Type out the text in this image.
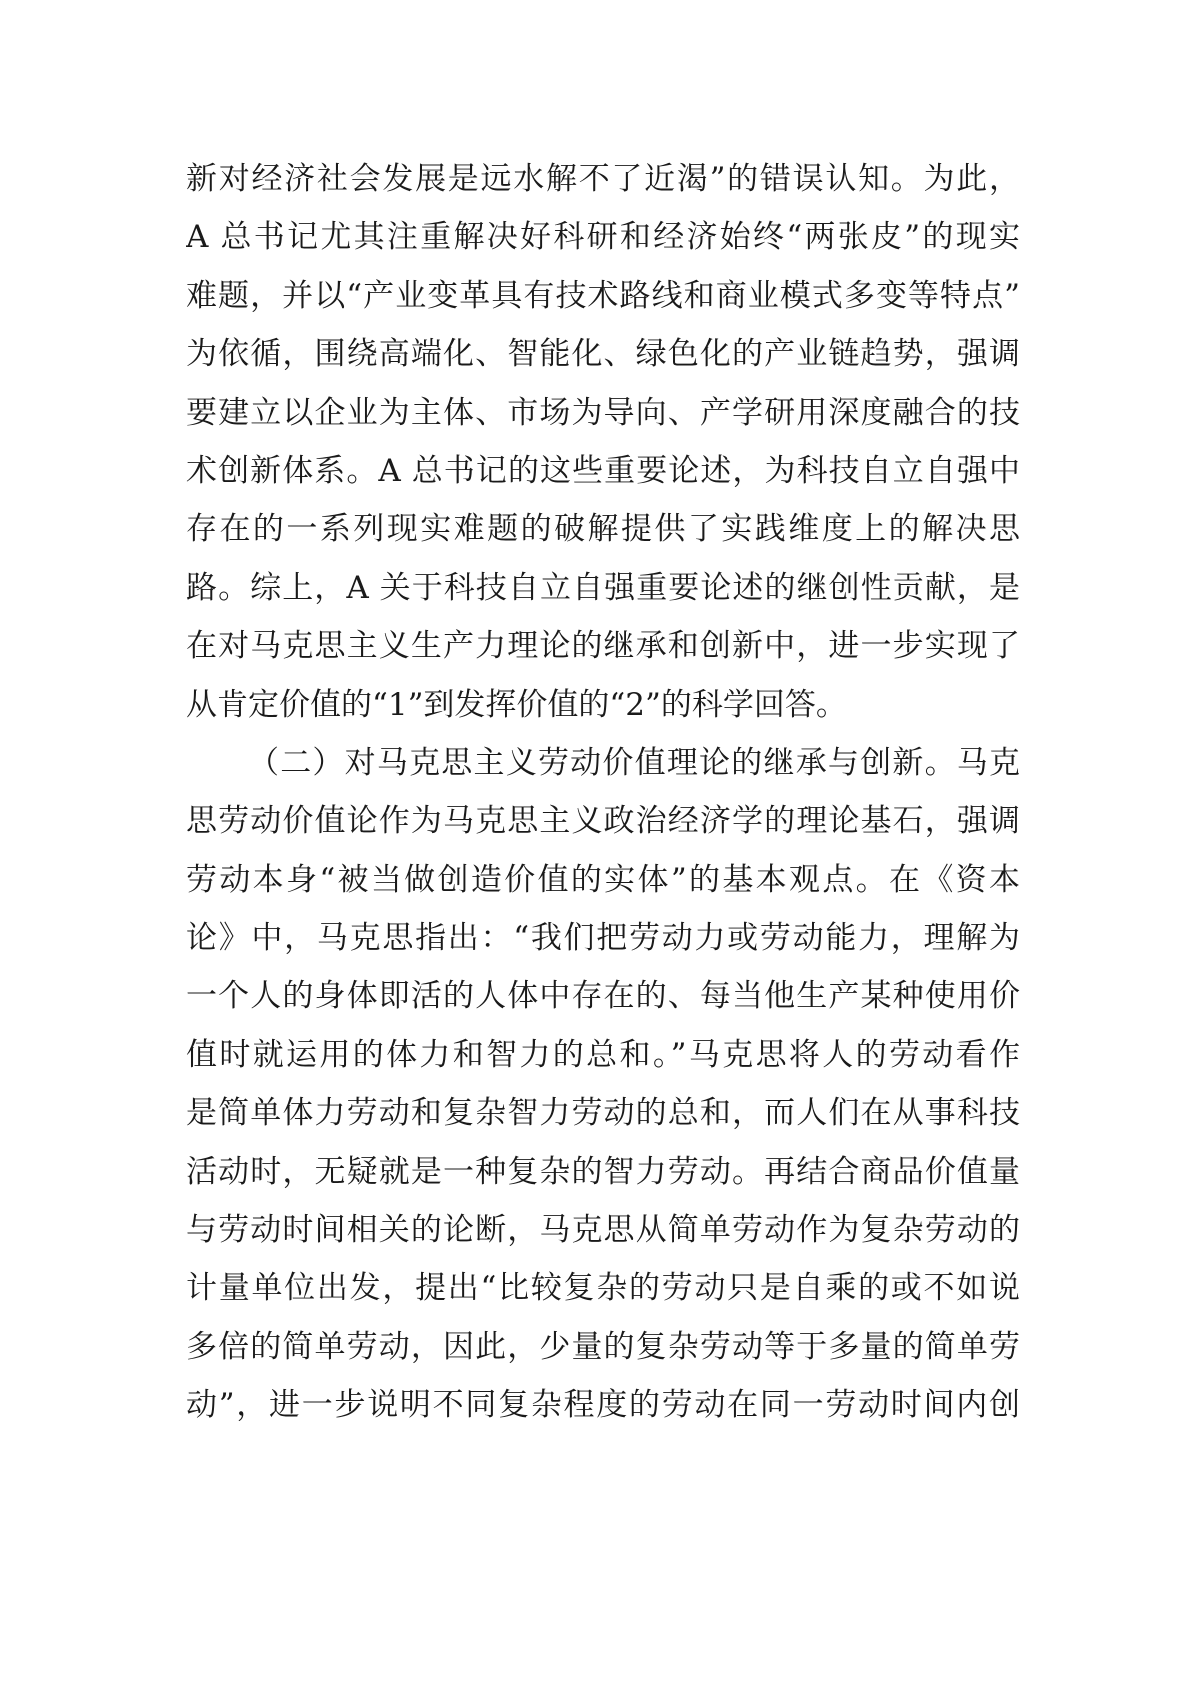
新对经济社会发展是远水解不了近渴”的错误认知。为此，
A 总书记尤其注重解决好科研和经济始终“两张皮”的现实
难题，并以“产业变革具有技术路线和商业模式多变等特点”
为依循，围绕高端化、智能化、绿色化的产业链趋势，强调
要建立以企业为主体、市场为导向、产学研用深度融合的技
术创新体系。A 总书记的这些重要论述，为科技自立自强中
存在的一系列现实难题的破解提供了实践维度上的解决思
路。综上，A 关于科技自立自强重要论述的继创性贡献，是
在对马克思主义生产力理论的继承和创新中，进一步实现了
从肯定价值的“1”到发挥价值的“2”的科学回答。
（二）对马克思主义劳动价值理论的继承与创新。马克
思劳动价值论作为马克思主义政治经济学的理论基石，强调
劳动本身“被当做创造价值的实体”的基本观点。在《资本
论》中，马克思指出：“我们把劳动力或劳动能力，理解为
一个人的身体即活的人体中存在的、每当他生产某种使用价
值时就运用的体力和智力的总和。”马克思将人的劳动看作
是简单体力劳动和复杂智力劳动的总和，而人们在从事科技
活动时，无疑就是一种复杂的智力劳动。再结合商品价值量
与劳动时间相关的论断，马克思从简单劳动作为复杂劳动的
计量单位出发，提出“比较复杂的劳动只是自乘的或不如说
多倍的简单劳动，因此，少量的复杂劳动等于多量的简单劳
动”，进一步说明不同复杂程度的劳动在同一劳动时间内创
